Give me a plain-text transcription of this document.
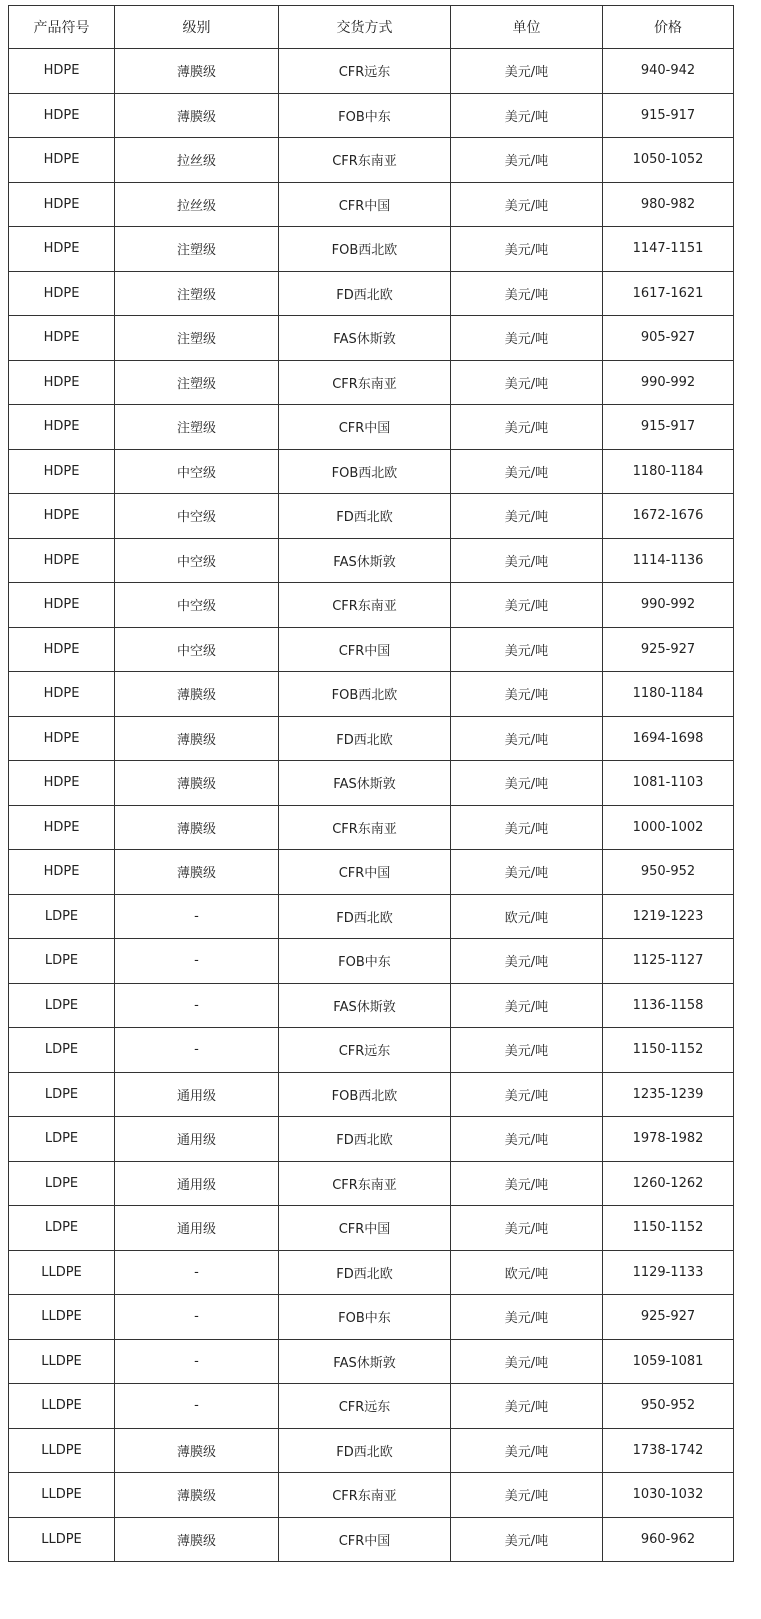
产品符号	级别	交货方式	单位	价格
HDPE	薄膜级	CFR远东	美元/吨	940-942
HDPE	薄膜级	FOB中东	美元/吨	915-917
HDPE	拉丝级	CFR东南亚	美元/吨	1050-1052
HDPE	拉丝级	CFR中国	美元/吨	980-982
HDPE	注塑级	FOB西北欧	美元/吨	1147-1151
HDPE	注塑级	FD西北欧	美元/吨	1617-1621
HDPE	注塑级	FAS休斯敦	美元/吨	905-927
HDPE	注塑级	CFR东南亚	美元/吨	990-992
HDPE	注塑级	CFR中国	美元/吨	915-917
HDPE	中空级	FOB西北欧	美元/吨	1180-1184
HDPE	中空级	FD西北欧	美元/吨	1672-1676
HDPE	中空级	FAS休斯敦	美元/吨	1114-1136
HDPE	中空级	CFR东南亚	美元/吨	990-992
HDPE	中空级	CFR中国	美元/吨	925-927
HDPE	薄膜级	FOB西北欧	美元/吨	1180-1184
HDPE	薄膜级	FD西北欧	美元/吨	1694-1698
HDPE	薄膜级	FAS休斯敦	美元/吨	1081-1103
HDPE	薄膜级	CFR东南亚	美元/吨	1000-1002
HDPE	薄膜级	CFR中国	美元/吨	950-952
LDPE	-	FD西北欧	欧元/吨	1219-1223
LDPE	-	FOB中东	美元/吨	1125-1127
LDPE	-	FAS休斯敦	美元/吨	1136-1158
LDPE	-	CFR远东	美元/吨	1150-1152
LDPE	通用级	FOB西北欧	美元/吨	1235-1239
LDPE	通用级	FD西北欧	美元/吨	1978-1982
LDPE	通用级	CFR东南亚	美元/吨	1260-1262
LDPE	通用级	CFR中国	美元/吨	1150-1152
LLDPE	-	FD西北欧	欧元/吨	1129-1133
LLDPE	-	FOB中东	美元/吨	925-927
LLDPE	-	FAS休斯敦	美元/吨	1059-1081
LLDPE	-	CFR远东	美元/吨	950-952
LLDPE	薄膜级	FD西北欧	美元/吨	1738-1742
LLDPE	薄膜级	CFR东南亚	美元/吨	1030-1032
LLDPE	薄膜级	CFR中国	美元/吨	960-962
